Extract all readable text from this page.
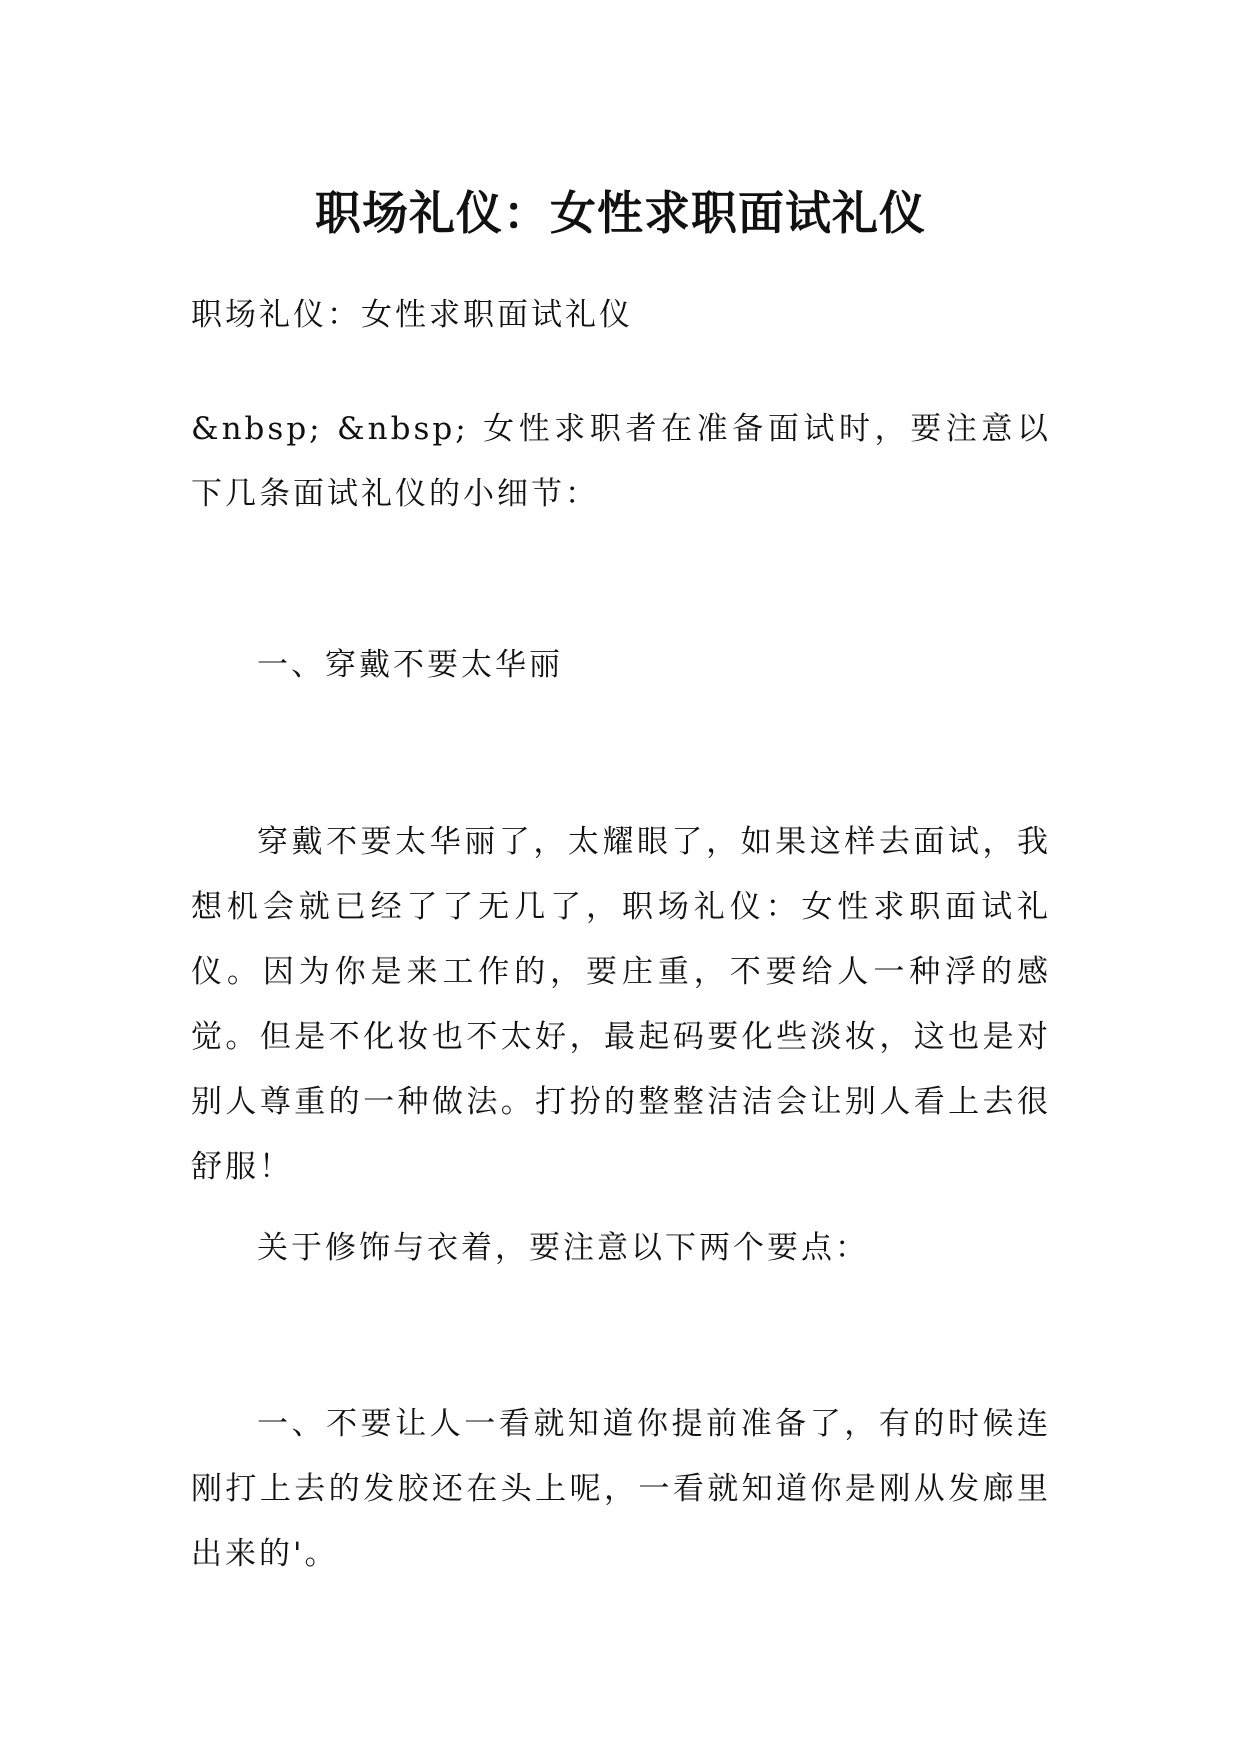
职场礼仪：女性求职面试礼仪

职场礼仪：女性求职面试礼仪

&nbsp; &nbsp; 女性求职者在准备面试时，要注意以下几条面试礼仪的小细节：

一、穿戴不要太华丽

穿戴不要太华丽了，太耀眼了，如果这样去面试，我想机会就已经了了无几了，职场礼仪：女性求职面试礼仪。因为你是来工作的，要庄重，不要给人一种浮的感觉。但是不化妆也不太好，最起码要化些淡妆，这也是对别人尊重的一种做法。打扮的整整洁洁会让别人看上去很舒服！

关于修饰与衣着，要注意以下两个要点：

一、不要让人一看就知道你提前准备了，有的时候连刚打上去的发胶还在头上呢，一看就知道你是刚从发廊里出来的'。
